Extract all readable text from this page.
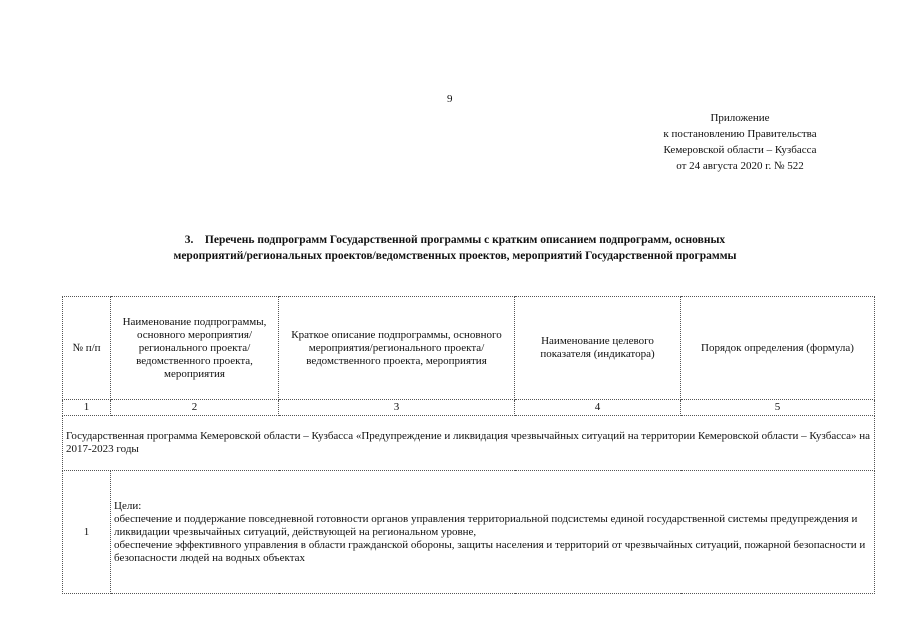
9
Приложение
к постановлению Правительства
Кемеровской области – Кузбасса
от 24 августа 2020 г. № 522
3.    Перечень подпрограмм Государственной программы с кратким описанием подпрограмм, основных
мероприятий/региональных проектов/ведомственных проектов, мероприятий Государственной программы
№ п/п	Наименование подпрограммы, основного мероприятия/ регионального проекта/ведомственного проекта, мероприятия	Краткое описание подпрограммы, основного мероприятия/регионального проекта/ведомственного проекта, мероприятия	Наименование целевого показателя (индикатора)	Порядок определения (формула)
1	2	3	4	5
Государственная программа Кемеровской области – Кузбасса «Предупреждение и ликвидация чрезвычайных ситуаций на территории Кемеровской области – Кузбасса» на 2017-2023 годы				
1	Цели:
обеспечение и поддержание повседневной готовности органов управления территориальной подсистемы единой государственной системы предупреждения и ликвидации чрезвычайных ситуаций, действующей на региональном уровне,
обеспечение эффективного управления в области гражданской обороны, защиты населения и территорий от чрезвычайных ситуаций, пожарной безопасности и безопасности людей на водных объектах			
